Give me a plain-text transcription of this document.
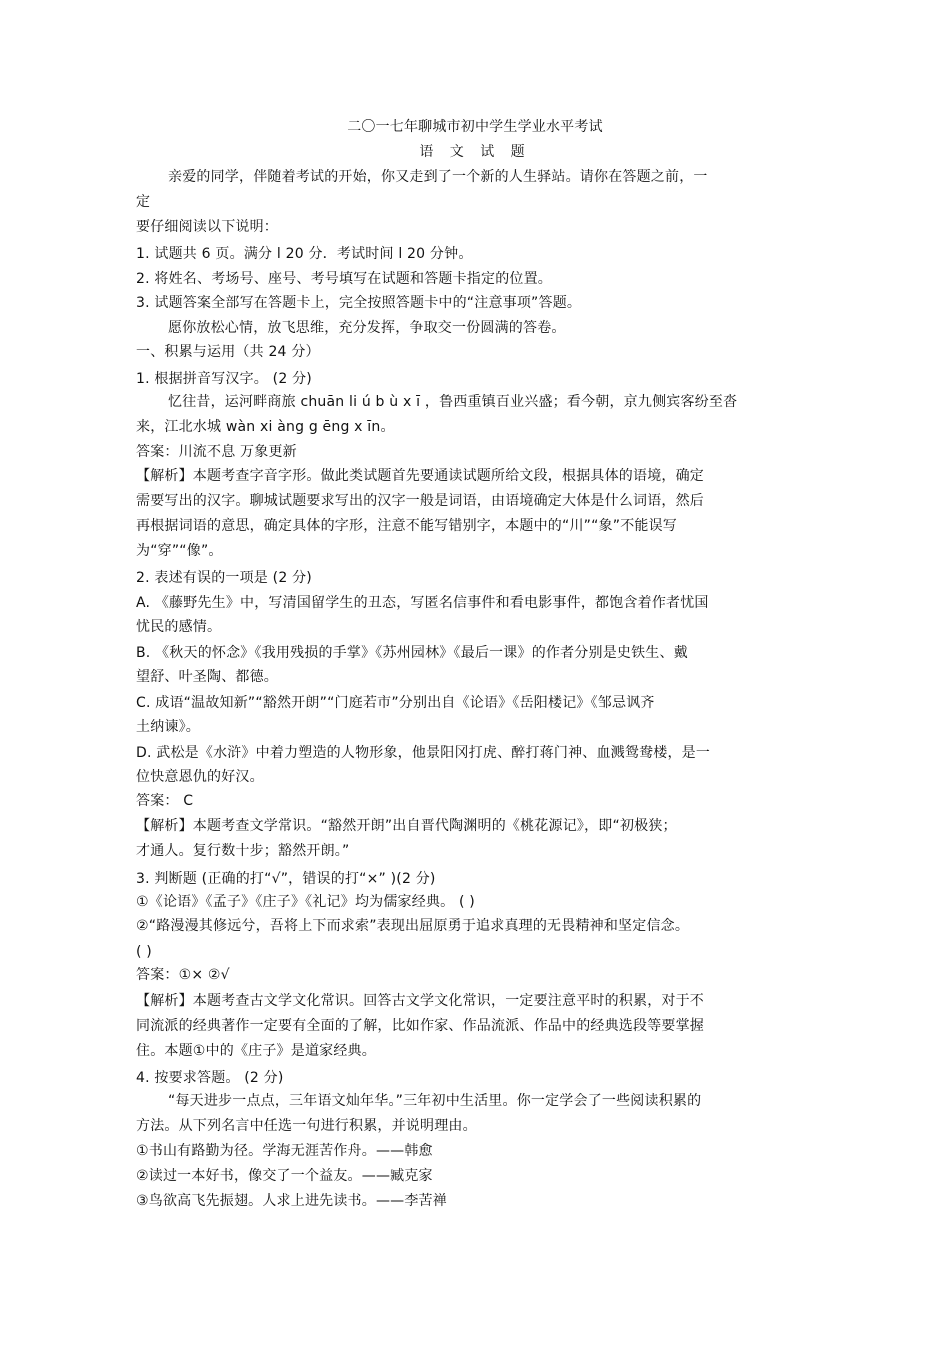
二〇一七年聊城市初中学生学业水平考试
语 文 试 题
亲爱的同学，伴随着考试的开始，你又走到了一个新的人生驿站。请你在答题之前，一
定
要仔细阅读以下说明：
1. 试题共 6 页。满分 l 20 分．考试时间 l 20 分钟。
2. 将姓名、考场号、座号、考号填写在试题和答题卡指定的位置。
3. 试题答案全部写在答题卡上，完全按照答题卡中的“注意事项”答题。
愿你放松心情，放飞思维，充分发挥，争取交一份圆满的答卷。
一、积累与运用（共 24 分）
1. 根据拼音写汉字。 (2 分)
忆往昔，运河畔商旅 chuān li ú b ù x ī ，鲁西重镇百业兴盛；看今朝，京九侧宾客纷至沓
来，江北水城 wàn xi àng g ēng x īn。
答案：川流不息 万象更新
【解析】本题考查字音字形。做此类试题首先要通读试题所给文段，根据具体的语境，确定
需要写出的汉字。聊城试题要求写出的汉字一般是词语，由语境确定大体是什么词语，然后
再根据词语的意思，确定具体的字形，注意不能写错别字，本题中的“川”“象”不能误写
为“穿”“像”。
2. 表述有误的一项是 (2 分)
A. 《藤野先生》中，写清国留学生的丑态，写匿名信事件和看电影事件，都饱含着作者忧国
忧民的感情。
B. 《秋天的怀念》《我用残损的手掌》《苏州园林》《最后一课》的作者分别是史铁生、戴
望舒、叶圣陶、都德。
C. 成语“温故知新”“豁然开朗”“门庭若市”分别出自《论语》《岳阳楼记》《邹忌讽齐
土纳谏》。
D. 武松是《水浒》中着力塑造的人物形象，他景阳冈打虎、醉打蒋门神、血溅鸳鸯楼，是一
位快意恩仇的好汉。
答案： C
【解析】本题考查文学常识。“豁然开朗”出自晋代陶渊明的《桃花源记》，即“初极狭；
才通人。复行数十步；豁然开朗。”
3. 判断题 (正确的打“√”，错误的打“×” )(2 分)
①《论语》《孟子》《庄子》《礼记》均为儒家经典。 ( )
②“路漫漫其修远兮，吾将上下而求索”表现出屈原勇于追求真理的无畏精神和坚定信念。
( )
答案：①× ②√
【解析】本题考查古文学文化常识。回答古文学文化常识，一定要注意平时的积累，对于不
同流派的经典著作一定要有全面的了解，比如作家、作品流派、作品中的经典选段等要掌握
住。本题①中的《庄子》是道家经典。
4. 按要求答题。 (2 分)
“每天进步一点点，三年语文灿年华。”三年初中生活里。你一定学会了一些阅读积累的
方法。从下列名言中任选一句进行积累，并说明理由。
①书山有路勤为径。学海无涯苦作舟。——韩愈
②读过一本好书，像交了一个益友。——臧克家
③鸟欲高飞先振翅。人求上进先读书。——李苦禅
